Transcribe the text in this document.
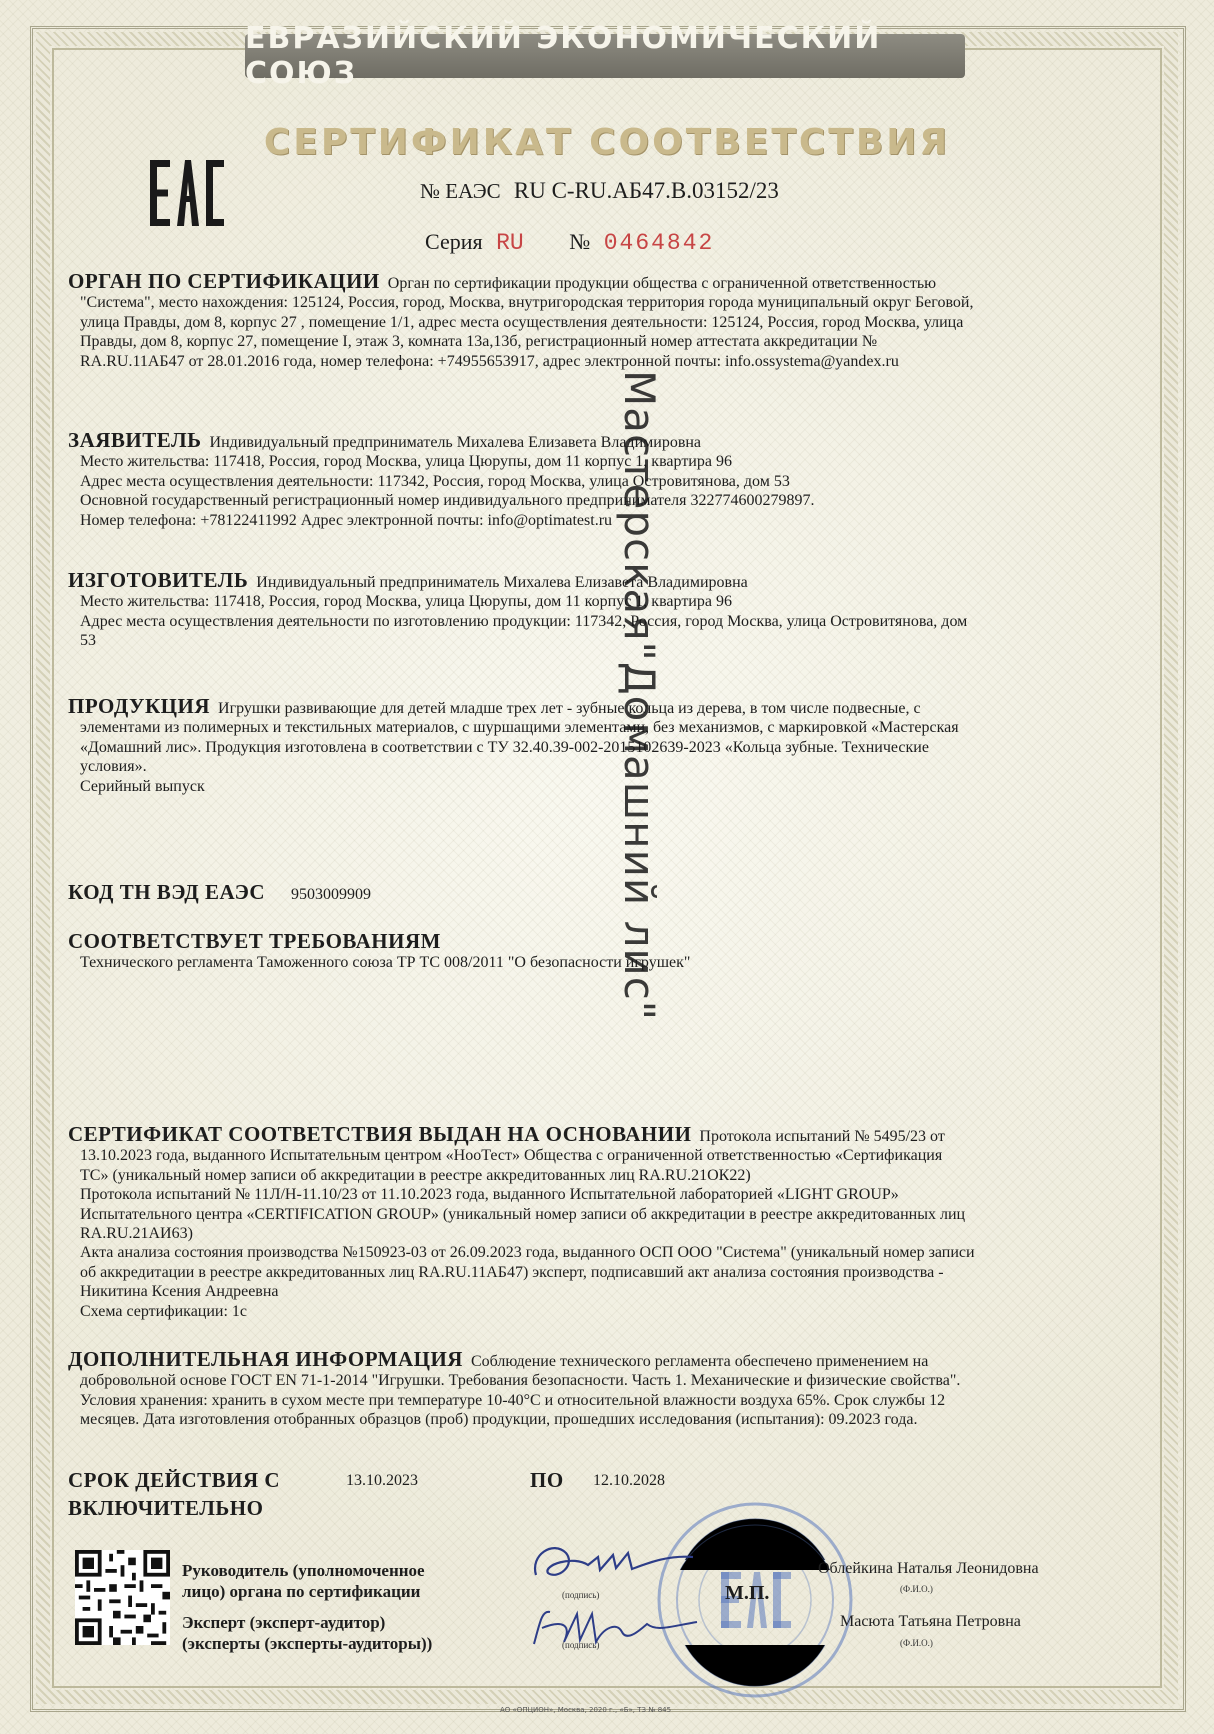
ЕВРАЗИЙСКИЙ ЭКОНОМИЧЕСКИЙ СОЮЗ
СЕРТИФИКАТ СООТВЕТСТВИЯ
№ ЕАЭС RU C-RU.АБ47.В.03152/23
Серия RU № 0464842
ОРГАН ПО СЕРТИФИКАЦИИ Орган по сертификации продукции общества с ограниченной ответственностью
"Система", место нахождения: 125124, Россия, город, Москва, внутригородская территория города муниципальный округ Беговой,
улица Правды, дом 8, корпус 27 , помещение 1/1, адрес места осуществления деятельности: 125124, Россия, город Москва, улица
Правды, дом 8, корпус 27, помещение I, этаж 3, комната 13а,13б, регистрационный номер аттестата аккредитации №
RA.RU.11АБ47 от 28.01.2016 года, номер телефона: +74955653917, адрес электронной почты: info.ossystema@yandex.ru
ЗАЯВИТЕЛЬ Индивидуальный предприниматель Михалева Елизавета Владимировна
Место жительства: 117418, Россия, город Москва, улица Цюрупы, дом 11 корпус 1, квартира 96
Адрес места осуществления деятельности: 117342, Россия, город Москва, улица Островитянова, дом 53
Основной государственный регистрационный номер индивидуального предпринимателя 322774600279897.
Номер телефона: +78122411992 Адрес электронной почты: info@optimatest.ru
ИЗГОТОВИТЕЛЬ Индивидуальный предприниматель Михалева Елизавета Владимировна
Место жительства: 117418, Россия, город Москва, улица Цюрупы, дом 11 корпус 1, квартира 96
Адрес места осуществления деятельности по изготовлению продукции: 117342, Россия, город Москва, улица Островитянова, дом
53
ПРОДУКЦИЯ Игрушки развивающие для детей младше трех лет - зубные кольца из дерева, в том числе подвесные, с
элементами из полимерных и текстильных материалов, с шуршащими элементами, без механизмов, с маркировкой «Мастерская
«Домашний лис». Продукция изготовлена в соответствии с ТУ 32.40.39-002-2015102639-2023 «Кольца зубные. Технические
условия».
Серийный выпуск
КОД ТН ВЭД ЕАЭС 9503009909
СООТВЕТСТВУЕТ ТРЕБОВАНИЯМ
Технического регламента Таможенного союза ТР ТС 008/2011 "О безопасности игрушек"
СЕРТИФИКАТ СООТВЕТСТВИЯ ВЫДАН НА ОСНОВАНИИ Протокола испытаний № 5495/23 от
13.10.2023 года, выданного Испытательным центром «НооТест» Общества с ограниченной ответственностью «Сертификация
ТС» (уникальный номер записи об аккредитации в реестре аккредитованных лиц RA.RU.21ОК22)
Протокола испытаний № 11Л/Н-11.10/23 от 11.10.2023 года, выданного Испытательной лабораторией «LIGHT GROUP»
Испытательного центра «CERTIFICATION GROUP» (уникальный номер записи об аккредитации в реестре аккредитованных лиц
RA.RU.21АИ63)
Акта анализа состояния производства №150923-03 от 26.09.2023 года, выданного ОСП ООО "Система" (уникальный номер записи
об аккредитации в реестре аккредитованных лиц RA.RU.11АБ47) эксперт, подписавший акт анализа состояния производства -
Никитина Ксения Андреевна
Схема сертификации: 1с
ДОПОЛНИТЕЛЬНАЯ ИНФОРМАЦИЯ Соблюдение технического регламента обеспечено применением на
добровольной основе ГОСТ EN 71-1-2014 "Игрушки. Требования безопасности. Часть 1. Механические и физические свойства".
Условия хранения: хранить в сухом месте при температуре 10-40°С и относительной влажности воздуха 65%. Срок службы 12
месяцев. Дата изготовления отобранных образцов (проб) продукции, прошедших исследования (испытания): 09.2023 года.
СРОК ДЕЙСТВИЯ С	13.10.2023	ПО 12.10.2028
ВКЛЮЧИТЕЛЬНО
Руководитель (уполномоченное
лицо) органа по сертификации
Эксперт (эксперт-аудитор)
(эксперты (эксперты-аудиторы))
(подпись)
(подпись)
М.П.
Облейкина Наталья Леонидовна
(Ф.И.О.)
Масюта Татьяна Петровна
(Ф.И.О.)
АО «ОПЦИОН», Москва, 2020 г., «Б», ТЗ № 845
Мастерская"Домашний лис"
